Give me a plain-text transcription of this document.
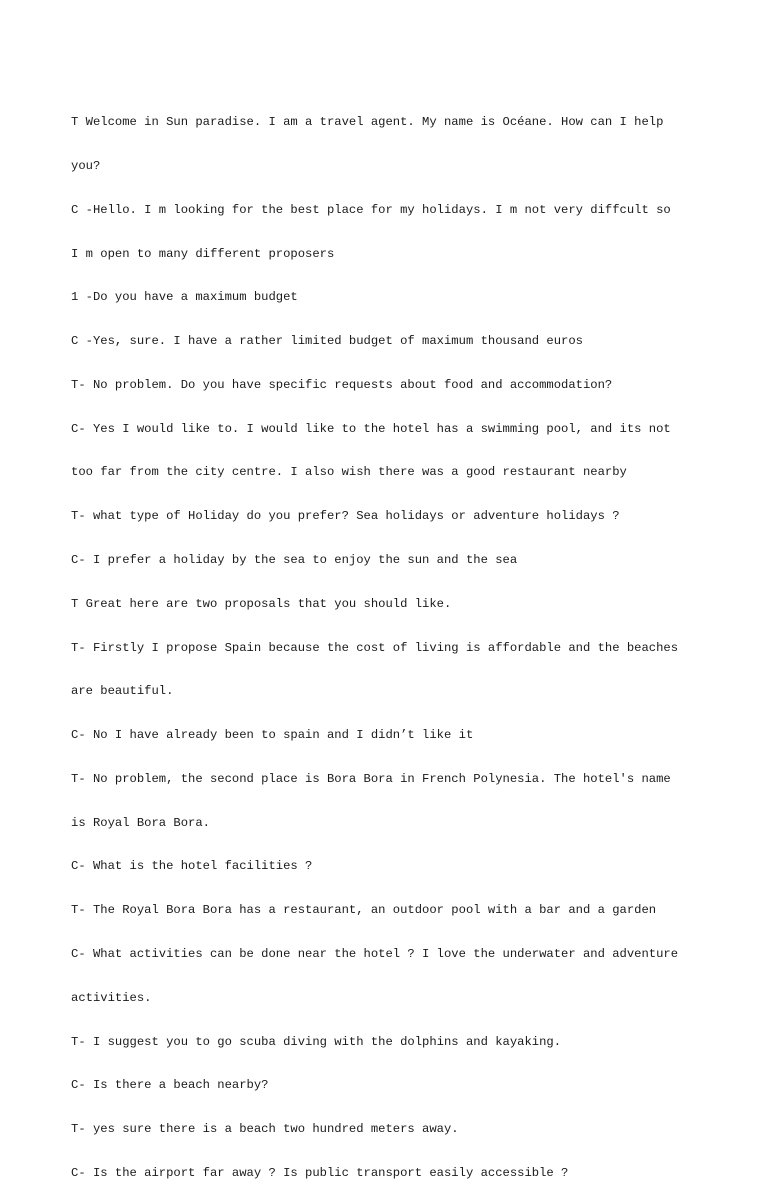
T Welcome in Sun paradise. I am a travel agent. My name is Océane. How can I help

you?

C -Hello. I m looking for the best place for my holidays. I m not very diffcult so

I m open to many different proposers

1 -Do you have a maximum budget

C -Yes, sure. I have a rather limited budget of maximum thousand euros

T- No problem. Do you have specific requests about food and accommodation?

C- Yes I would like to. I would like to the hotel has a swimming pool, and its not

too far from the city centre. I also wish there was a good restaurant nearby

T- what type of Holiday do you prefer? Sea holidays or adventure holidays ?

C- I prefer a holiday by the sea to enjoy the sun and the sea

T Great here are two proposals that you should like.

T- Firstly I propose Spain because the cost of living is affordable and the beaches

are beautiful.

C- No I have already been to spain and I didn’t like it

T- No problem, the second place is Bora Bora in French Polynesia. The hotel's name

is Royal Bora Bora.

C- What is the hotel facilities ?

T- The Royal Bora Bora has a restaurant, an outdoor pool with a bar and a garden

C- What activities can be done near the hotel ? I love the underwater and adventure

activities.

T- I suggest you to go scuba diving with the dolphins and kayaking.

C- Is there a beach nearby?

T- yes sure there is a beach two hundred meters away.

C- Is the airport far away ? Is public transport easily accessible ?
